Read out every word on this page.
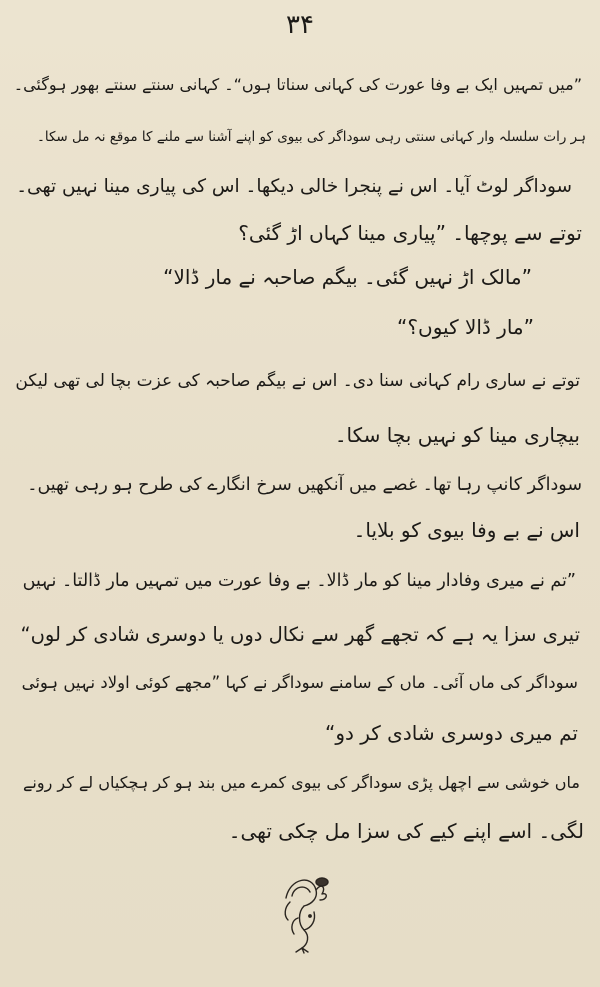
۳۴
”میں تمہیں ایک بے وفا عورت کی کہانی سناتا ہوں“۔ کہانی سنتے سنتے بھور ہوگئی۔
ہر رات سلسلہ وار کہانی سنتی رہی سوداگر کی بیوی کو اپنے آشنا سے ملنے کا موقع نہ مل سکا۔
سوداگر لوٹ آیا۔ اس نے پنجرا خالی دیکھا۔ اس کی پیاری مینا نہیں تھی۔
توتے سے پوچھا۔ ”پیاری مینا کہاں اڑ گئی؟
”مالک اڑ نہیں گئی۔ بیگم صاحبہ نے مار ڈالا“
”مار ڈالا کیوں؟“
توتے نے ساری رام کہانی سنا دی۔ اس نے بیگم صاحبہ کی عزت بچا لی تھی لیکن
بیچاری مینا کو نہیں بچا سکا۔
سوداگر کانپ رہا تھا۔ غصے میں آنکھیں سرخ انگارے کی طرح ہو رہی تھیں۔
اس نے بے وفا بیوی کو بلایا۔
”تم نے میری وفادار مینا کو مار ڈالا۔ بے وفا عورت میں تمہیں مار ڈالتا۔ نہیں
تیری سزا یہ ہے کہ تجھے گھر سے نکال دوں یا دوسری شادی کر لوں“
سوداگر کی ماں آئی۔ ماں کے سامنے سوداگر نے کہا ”مجھے کوئی اولاد نہیں ہوئی
تم میری دوسری شادی کر دو“
ماں خوشی سے اچھل پڑی سوداگر کی بیوی کمرے میں بند ہو کر ہچکیاں لے کر رونے
لگی۔ اسے اپنے کیے کی سزا مل چکی تھی۔
